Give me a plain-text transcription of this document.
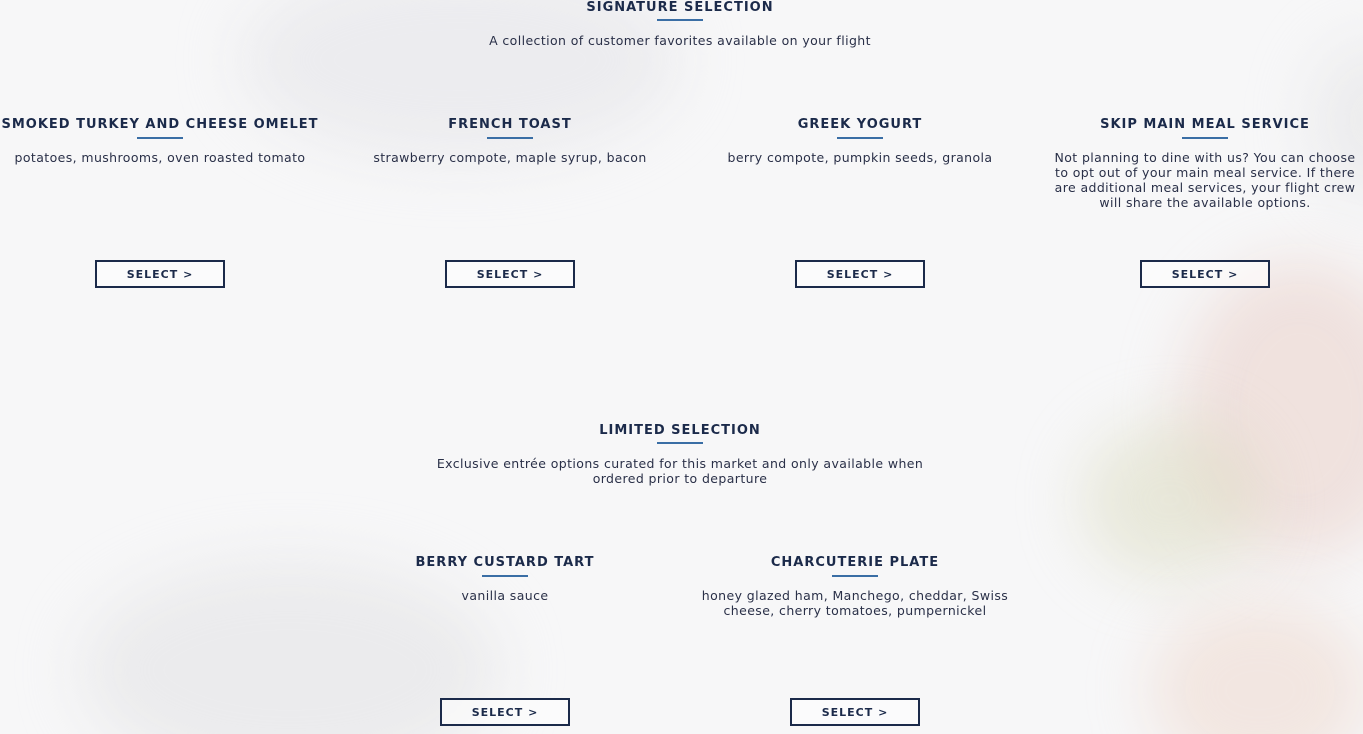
SIGNATURE SELECTION
A collection of customer favorites available on your flight
SMOKED TURKEY AND CHEESE OMELET
potatoes, mushrooms, oven roasted tomato
SELECT >
FRENCH TOAST
strawberry compote, maple syrup, bacon
SELECT >
GREEK YOGURT
berry compote, pumpkin seeds, granola
SELECT >
SKIP MAIN MEAL SERVICE
Not planning to dine with us? You can choose to opt out of your main meal service. If there are additional meal services, your flight crew will share the available options.
SELECT >
LIMITED SELECTION
Exclusive entrée options curated for this market and only available when ordered prior to departure
BERRY CUSTARD TART
vanilla sauce
SELECT >
CHARCUTERIE PLATE
honey glazed ham, Manchego, cheddar, Swiss cheese, cherry tomatoes, pumpernickel
SELECT >
